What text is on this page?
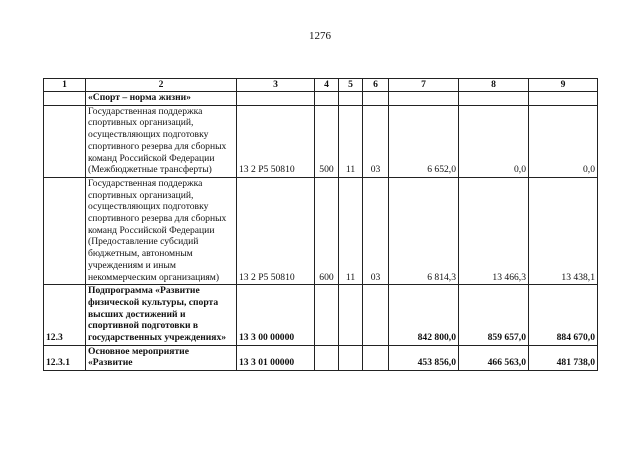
1276
1	2	3	4	5	6	7	8	9
	«Спорт – норма жизни»							
	Государственная поддержка спортивных организаций, осуществляющих подготовку спортивного резерва для сборных команд Российской Федерации (Межбюджетные трансферты)	13 2 Р5 50810	500	11	03	6 652,0	0,0	0,0
	Государственная поддержка спортивных организаций, осуществляющих подготовку спортивного резерва для сборных команд Российской Федерации (Предоставление субсидий бюджетным, автономным учреждениям и иным некоммерческим организациям)	13 2 Р5 50810	600	11	03	6 814,3	13 466,3	13 438,1
12.3	Подпрограмма «Развитие физической культуры, спорта высших достижений и спортивной подготовки в государственных учреждениях»	13 3 00 00000				842 800,0	859 657,0	884 670,0
12.3.1	Основное мероприятие «Развитие	13 3 01 00000				453 856,0	466 563,0	481 738,0
